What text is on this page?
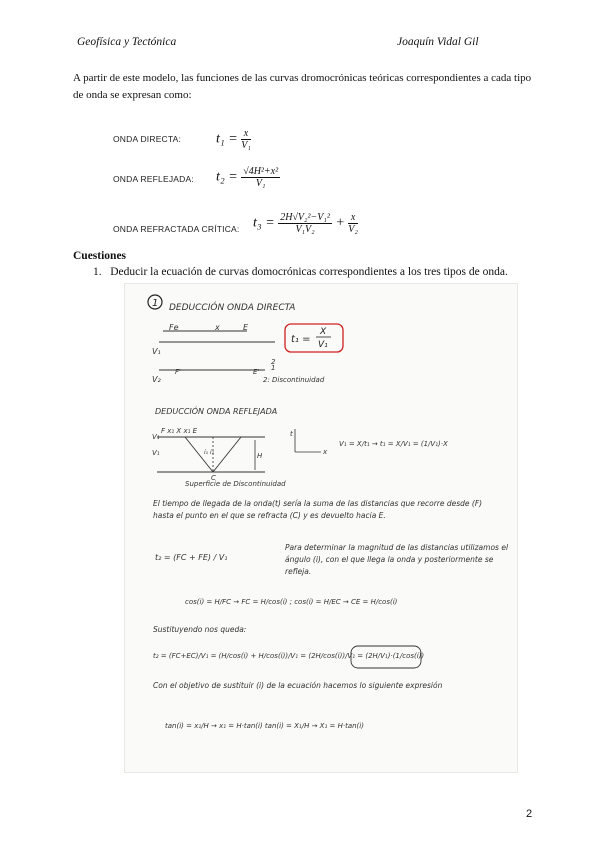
Geofísica y Tectónica	Joaquín Vidal Gil
A partir de este modelo, las funciones de las curvas dromocrónicas teóricas correspondientes a cada tipo de onda se expresan como:
ONDA DIRECTA: $t_1 = \frac{x}{\text{V₁}}$
ONDA REFLEJADA: $t_2 = \frac{\text{√4H²+x²}}{\text{V₁}}$
ONDA REFRACTADA CRÍTICA: $t_3 = \frac{\text{2H√V₂²−V₁²}}{\text{V₁V₂}} + \frac{x}{\text{V₂}}$
Cuestiones
1. Deducir la ecuación de curvas domocrónicas correspondientes a los tres tipos de onda.
1 DEDUCCIÓN ONDA DIRECTA
Fe	x	E
V₁
V₂
F'	E' 1
2
2: Discontinuidad
t₁ =
X
V₁
DEDUCCIÓN ONDA REFLEJADA
F x₁ X x₁ E
V₁
V₁	H
i₁ i₁
C
Superficie de Discontinuidad
t
x
V₁ = X/t₁ → t₁ = X/V₁ = (1/V₁)·X
El tiempo de llegada de la onda(t) sería la suma de las distancias que recorre desde (F) hasta el punto en el que se refracta (C) y es devuelto hacia E.
t₂ = (FC + FE) / V₁
Para determinar la magnitud de las distancias utilizamos el ángulo (i), con el que llega la onda y posteriormente se refleja.
cos(i) = H/FC → FC = H/cos(i) ; cos(i) = H/EC → CE = H/cos(i)
Sustituyendo nos queda:
t₂ = (FC+EC)/V₁ = (H/cos(i) + H/cos(i))/V₁ = (2H/cos(i))/V₁ = (2H/V₁)·(1/cos(i))
Con el objetivo de sustituir (i) de la ecuación hacemos lo siguiente expresión
tan(i) = x₁/H → x₁ = H·tan(i) tan(i) = X₁/H → X₁ = H·tan(i)
2
